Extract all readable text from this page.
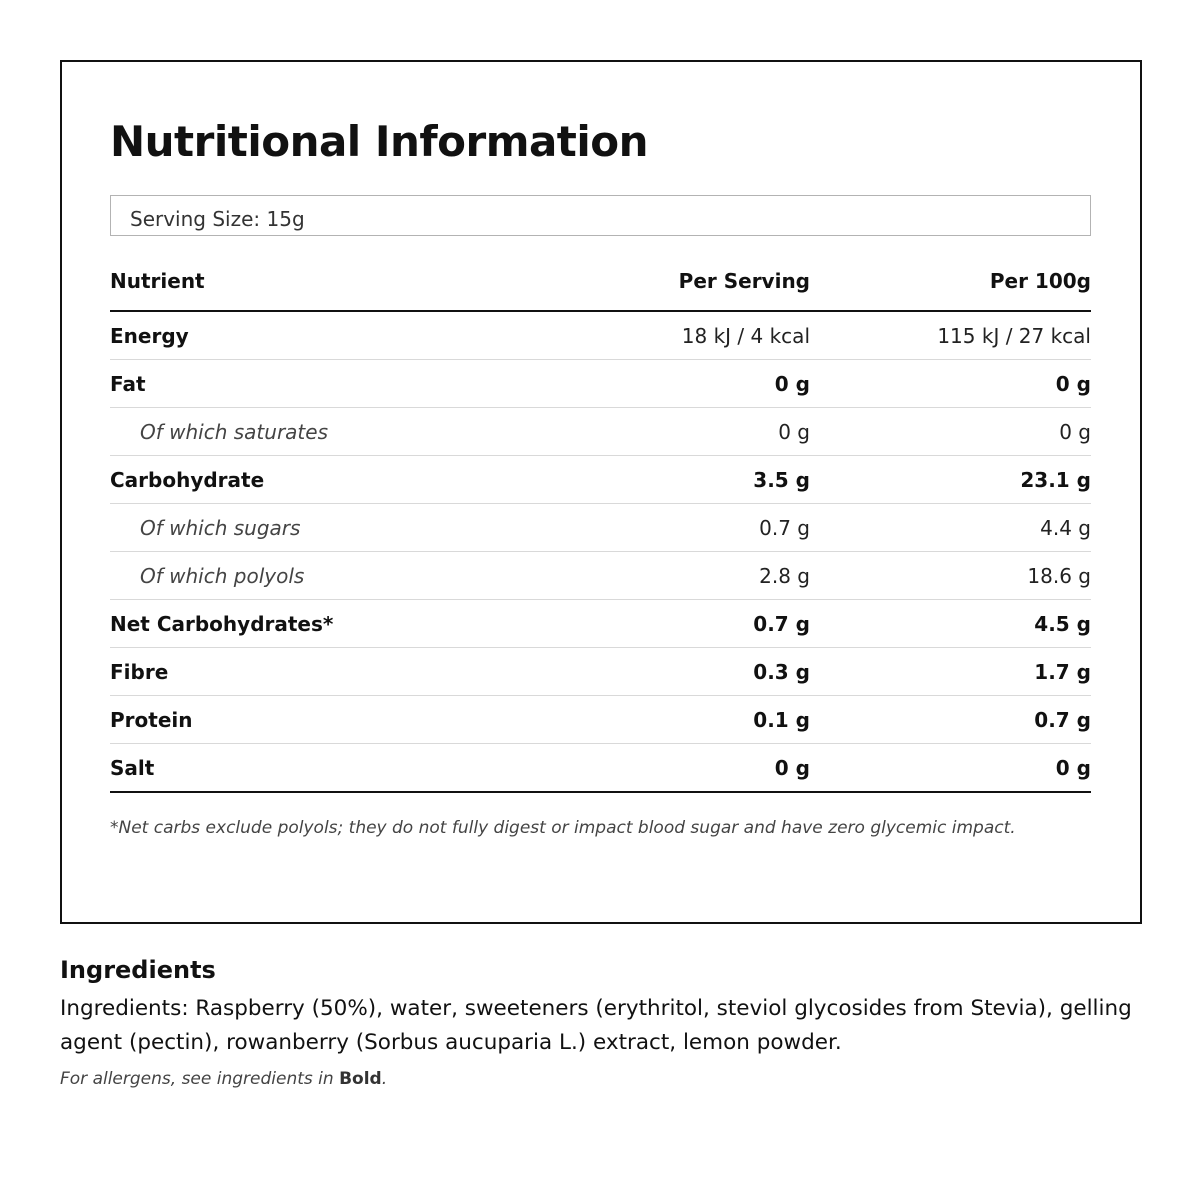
Nutritional Information
Serving Size: 15g
Nutrient	Per Serving	Per 100g
Energy	18 kJ / 4 kcal	115 kJ / 27 kcal
Fat	0 g	0 g
Of which saturates	0 g	0 g
Carbohydrate	3.5 g	23.1 g
Of which sugars	0.7 g	4.4 g
Of which polyols	2.8 g	18.6 g
Net Carbohydrates*	0.7 g	4.5 g
Fibre	0.3 g	1.7 g
Protein	0.1 g	0.7 g
Salt	0 g	0 g

*Net carbs exclude polyols; they do not fully digest or impact blood sugar and have zero glycemic impact.

Ingredients

Ingredients: Raspberry (50%), water, sweeteners (erythritol, steviol glycosides from Stevia), gelling agent (pectin), rowanberry (Sorbus aucuparia L.) extract, lemon powder.

For allergens, see ingredients in Bold.
